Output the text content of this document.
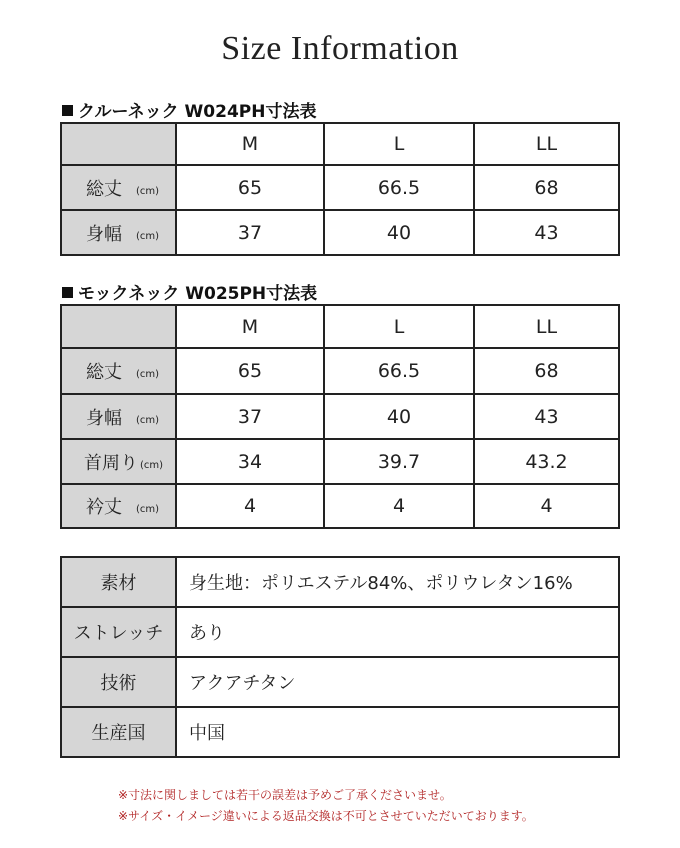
Size Information
クルーネック W024PH寸法表
	M	L	LL
総丈 (cm)	65	66.5	68
身幅 (cm)	37	40	43
モックネック W025PH寸法表
	M	L	LL
総丈 (cm)	65	66.5	68
身幅 (cm)	37	40	43
首周り (cm)	34	39.7	43.2
衿丈 (cm)	4	4	4
素材	身生地：ポリエステル84%、ポリウレタン16%
ストレッチ	あり
技術	アクアチタン
生産国	中国
※寸法に関しましては若干の誤差は予めご了承くださいませ。
※サイズ・イメージ違いによる返品交換は不可とさせていただいております。
